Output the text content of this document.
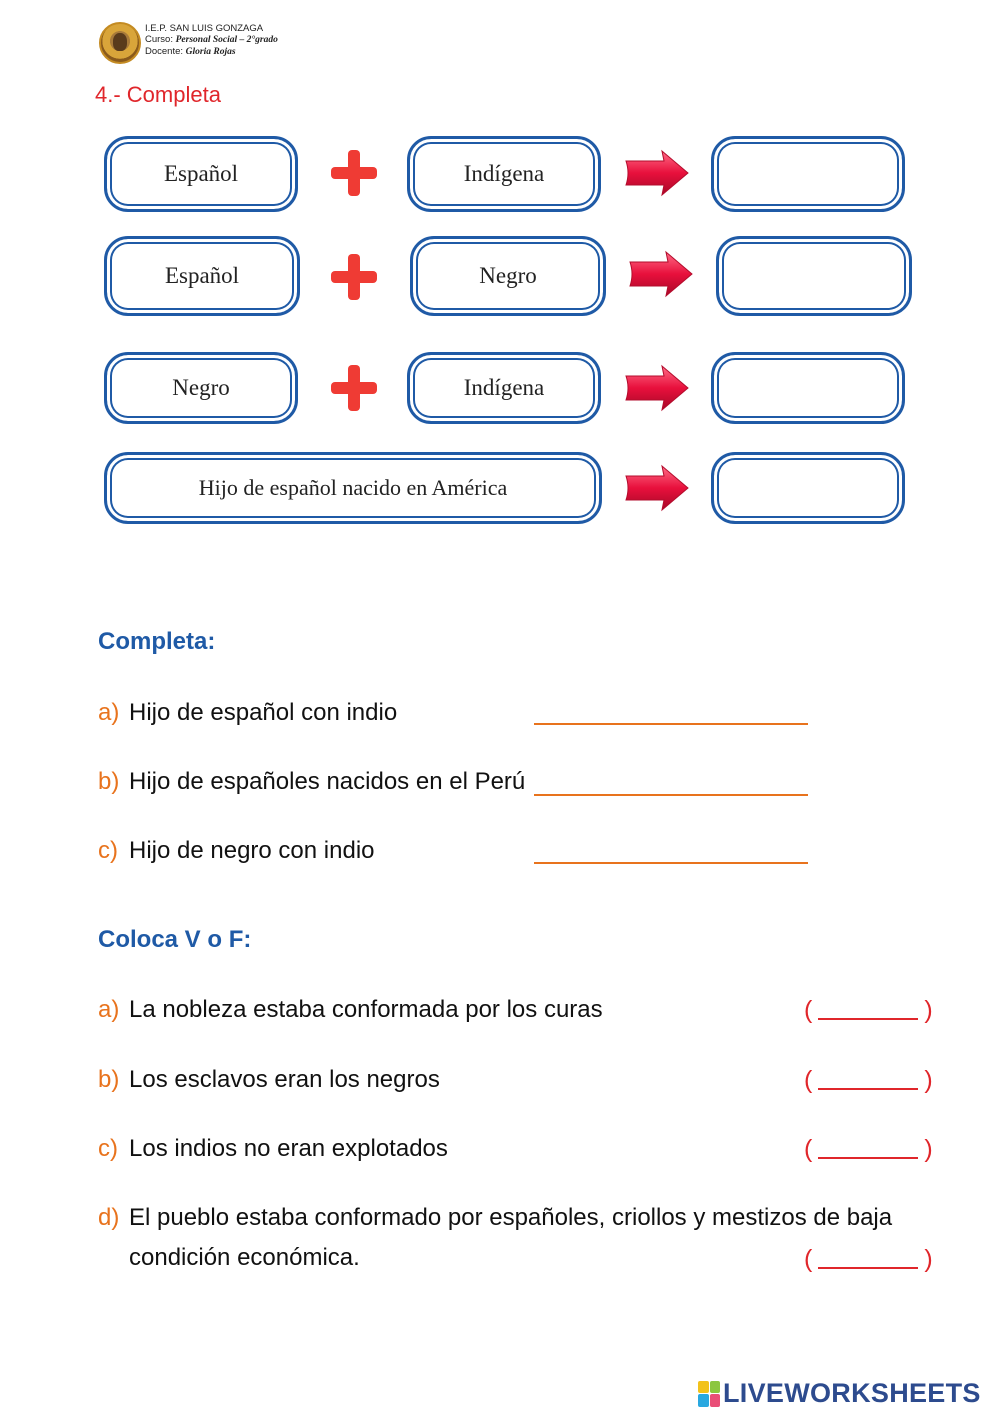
I.E.P. SAN LUIS GONZAGA
Curso: Personal Social – 2°grado
Docente: Gloria Rojas
4.- Completa
Español	Indígena
Español	Negro
Negro	Indígena
Hijo de español nacido en América
Completa:
a) Hijo de español con indio
b) Hijo de españoles nacidos en el Perú
c) Hijo de negro con indio
Coloca V o F:
a) La nobleza estaba conformada por los curas	(	)
b) Los esclavos eran los negros	(	)
c) Los indios no eran explotados	(	)
d) El pueblo estaba conformado por españoles, criollos y mestizos de baja
condición económica.	(	)
LIVEWORKSHEETS
